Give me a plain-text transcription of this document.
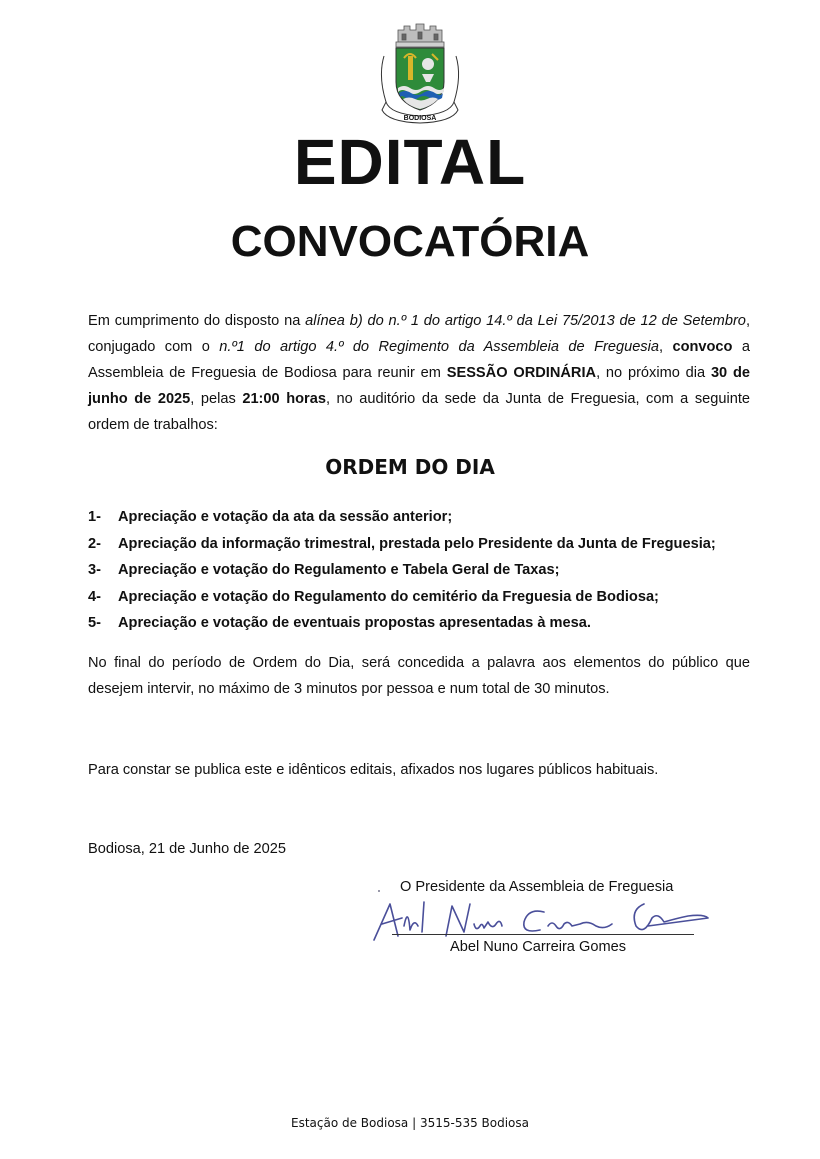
BODIOSA
EDITAL
CONVOCATÓRIA
Em cumprimento do disposto na alínea b) do n.º 1 do artigo 14.º da Lei 75/2013 de 12 de Setembro, conjugado com o n.º1 do artigo 4.º do Regimento da Assembleia de Freguesia, convoco a Assembleia de Freguesia de Bodiosa para reunir em SESSÃO ORDINÁRIA, no próximo dia 30 de junho de 2025, pelas 21:00 horas, no auditório da sede da Junta de Freguesia, com a seguinte ordem de trabalhos:
ORDEM DO DIA
1- Apreciação e votação da ata da sessão anterior;
2- Apreciação da informação trimestral, prestada pelo Presidente da Junta de Freguesia;
3- Apreciação e votação do Regulamento e Tabela Geral de Taxas;
4- Apreciação e votação do Regulamento do cemitério da Freguesia de Bodiosa;
5- Apreciação e votação de eventuais propostas apresentadas à mesa.
No final do período de Ordem do Dia, será concedida a palavra aos elementos do público que desejem intervir, no máximo de 3 minutos por pessoa e num total de 30 minutos.
Para constar se publica este e idênticos editais, afixados nos lugares públicos habituais.
Bodiosa, 21 de Junho de 2025
O Presidente da Assembleia de Freguesia
Abel Nuno Carreira Gomes
Estação de Bodiosa | 3515-535 Bodiosa
